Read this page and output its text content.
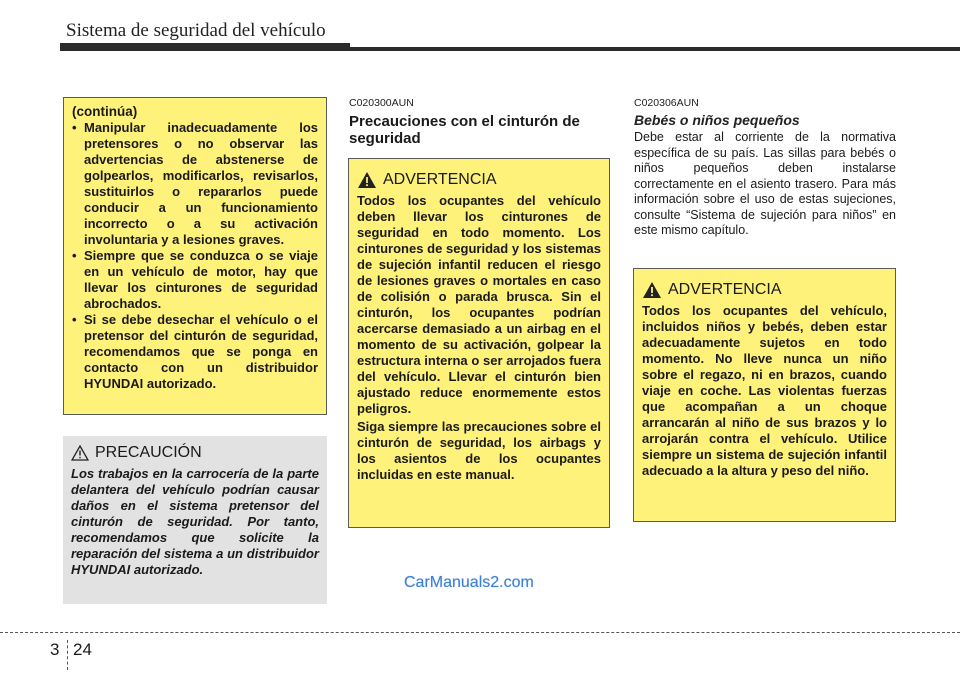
Sistema de seguridad del vehículo
(continúa)
• Manipular inadecuadamente los pretensores o no observar las advertencias de abstenerse de golpearlos, modificarlos, revisarlos, sustituirlos o repararlos puede conducir a un funcionamiento incorrecto o a su activación involuntaria y a lesiones graves.
• Siempre que se conduzca o se viaje en un vehículo de motor, hay que llevar los cinturones de seguridad abrochados.
• Si se debe desechar el vehículo o el pretensor del cinturón de seguridad, recomendamos que se ponga en contacto con un distribuidor HYUNDAI autorizado.
PRECAUCIÓN

Los trabajos en la carrocería de la parte delantera del vehículo podrían causar daños en el sistema pretensor del cinturón de seguridad. Por tanto, recomendamos que solicite la reparación del sistema a un distribuidor HYUNDAI autorizado.

C020300AUN
Precauciones con el cinturón de seguridad
ADVERTENCIA

Todos los ocupantes del vehículo deben llevar los cinturones de seguridad en todo momento. Los cinturones de seguridad y los sistemas de sujeción infantil reducen el riesgo de lesiones graves o mortales en caso de colisión o parada brusca. Sin el cinturón, los ocupantes podrían acercarse demasiado a un airbag en el momento de su activación, golpear la estructura interna o ser arrojados fuera del vehículo. Llevar el cinturón bien ajustado reduce enormemente estos peligros.

Siga siempre las precauciones sobre el cinturón de seguridad, los airbags y los asientos de los ocupantes incluidas en este manual.

C020306AUN
Bebés o niños pequeños

Debe estar al corriente de la normativa específica de su país. Las sillas para bebés o niños pequeños deben instalarse correctamente en el asiento trasero. Para más información sobre el uso de estas sujeciones, consulte “Sistema de sujeción para niños” en este mismo capítulo.

ADVERTENCIA

Todos los ocupantes del vehículo, incluidos niños y bebés, deben estar adecuadamente sujetos en todo momento. No lleve nunca un niño sobre el regazo, ni en brazos, cuando viaje en coche. Las violentas fuerzas que acompañan a un choque arrancarán al niño de sus brazos y lo arrojarán contra el vehículo. Utilice siempre un sistema de sujeción infantil adecuado a la altura y peso del niño.

CarManuals2.com
3 24
